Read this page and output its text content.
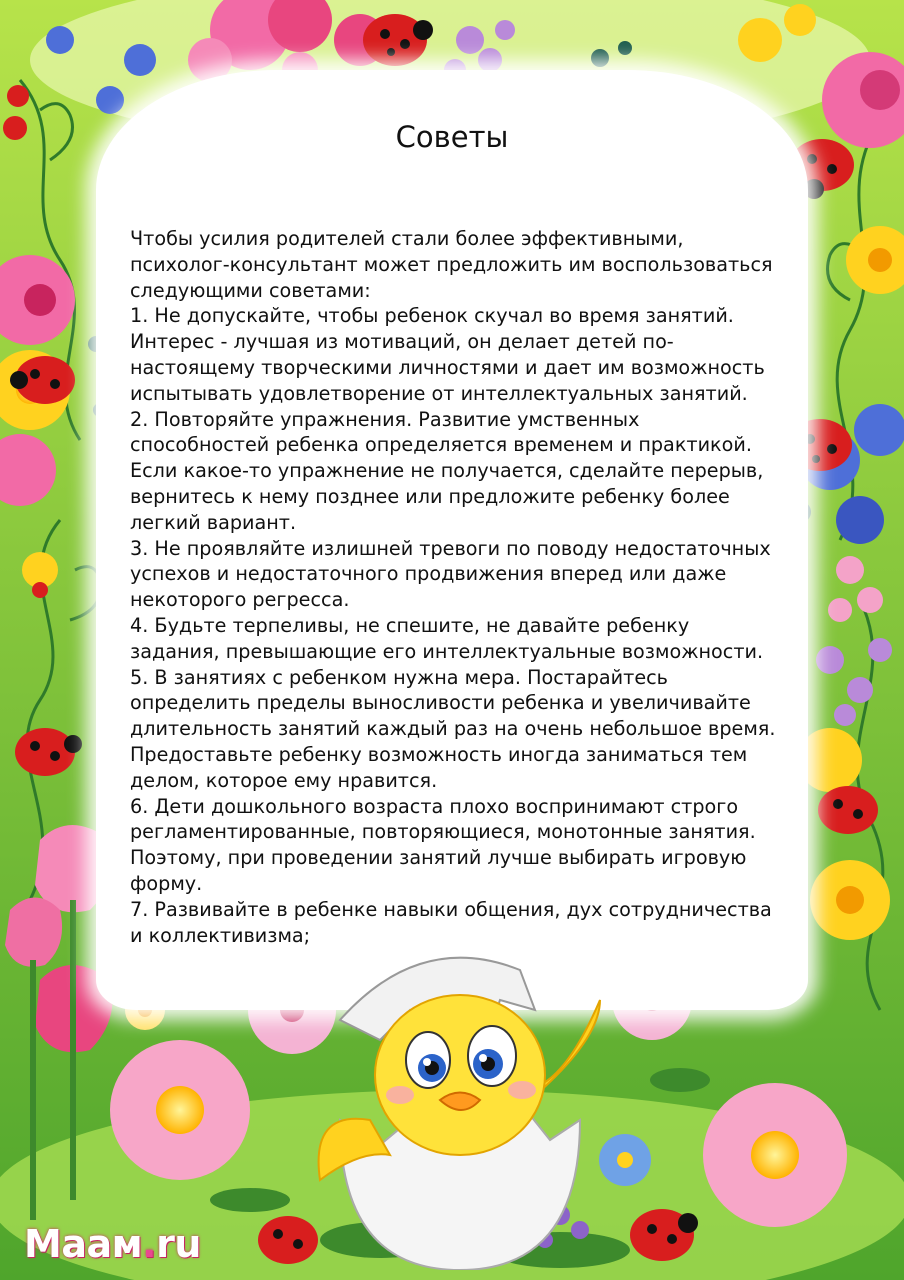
Советы

Чтобы усилия родителей стали более эффективными, психолог-консультант может предложить им воспользоваться следующими советами:

1. Не допускайте, чтобы ребенок скучал во время занятий. Интерес - лучшая из мотиваций, он делает детей по-настоящему творческими личностями и дает им возможность испытывать удовлетворение от интеллектуальных занятий.

2. Повторяйте упражнения. Развитие умственных способностей ребенка определяется временем и практикой. Если какое-то упражнение не получается, сделайте перерыв, вернитесь к нему позднее или предложите ребенку более легкий вариант.

3. Не проявляйте излишней тревоги по поводу недостаточных успехов и недостаточного продвижения вперед или даже некоторого регресса.

4. Будьте терпеливы, не спешите, не давайте ребенку задания, превышающие его интеллектуальные возможности.

5. В занятиях с ребенком нужна мера. Постарайтесь определить пределы выносливости ребенка и увеличивайте длительность занятий каждый раз на очень небольшое время. Предоставьте ребенку возможность иногда заниматься тем делом, которое ему нравится.

6. Дети дошкольного возраста плохо воспринимают строго регламентированные, повторяющиеся, монотонные занятия. Поэтому, при проведении занятий лучше выбирать игровую форму.

7. Развивайте в ребенке навыки общения, дух сотрудничества и коллективизма;

Маам.ru
